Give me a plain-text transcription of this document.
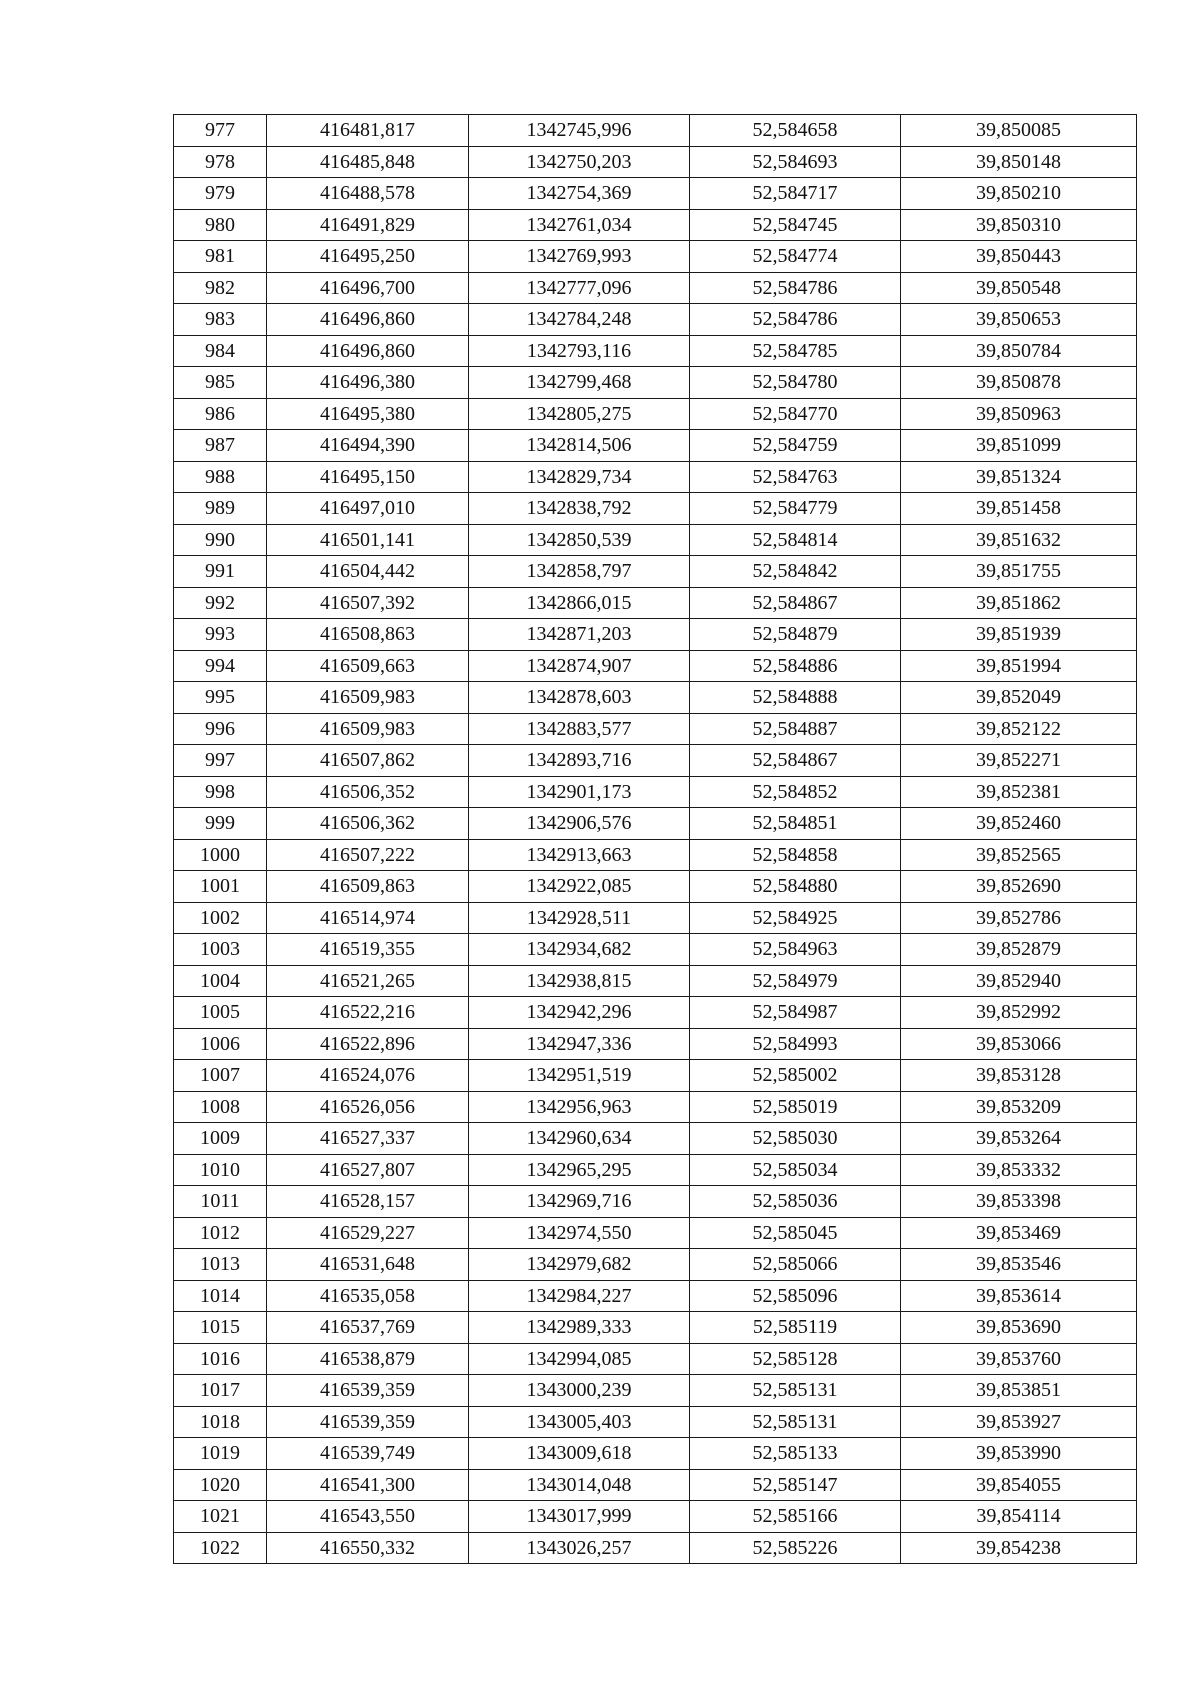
977	416481,817	1342745,996	52,584658	39,850085
978	416485,848	1342750,203	52,584693	39,850148
979	416488,578	1342754,369	52,584717	39,850210
980	416491,829	1342761,034	52,584745	39,850310
981	416495,250	1342769,993	52,584774	39,850443
982	416496,700	1342777,096	52,584786	39,850548
983	416496,860	1342784,248	52,584786	39,850653
984	416496,860	1342793,116	52,584785	39,850784
985	416496,380	1342799,468	52,584780	39,850878
986	416495,380	1342805,275	52,584770	39,850963
987	416494,390	1342814,506	52,584759	39,851099
988	416495,150	1342829,734	52,584763	39,851324
989	416497,010	1342838,792	52,584779	39,851458
990	416501,141	1342850,539	52,584814	39,851632
991	416504,442	1342858,797	52,584842	39,851755
992	416507,392	1342866,015	52,584867	39,851862
993	416508,863	1342871,203	52,584879	39,851939
994	416509,663	1342874,907	52,584886	39,851994
995	416509,983	1342878,603	52,584888	39,852049
996	416509,983	1342883,577	52,584887	39,852122
997	416507,862	1342893,716	52,584867	39,852271
998	416506,352	1342901,173	52,584852	39,852381
999	416506,362	1342906,576	52,584851	39,852460
1000	416507,222	1342913,663	52,584858	39,852565
1001	416509,863	1342922,085	52,584880	39,852690
1002	416514,974	1342928,511	52,584925	39,852786
1003	416519,355	1342934,682	52,584963	39,852879
1004	416521,265	1342938,815	52,584979	39,852940
1005	416522,216	1342942,296	52,584987	39,852992
1006	416522,896	1342947,336	52,584993	39,853066
1007	416524,076	1342951,519	52,585002	39,853128
1008	416526,056	1342956,963	52,585019	39,853209
1009	416527,337	1342960,634	52,585030	39,853264
1010	416527,807	1342965,295	52,585034	39,853332
1011	416528,157	1342969,716	52,585036	39,853398
1012	416529,227	1342974,550	52,585045	39,853469
1013	416531,648	1342979,682	52,585066	39,853546
1014	416535,058	1342984,227	52,585096	39,853614
1015	416537,769	1342989,333	52,585119	39,853690
1016	416538,879	1342994,085	52,585128	39,853760
1017	416539,359	1343000,239	52,585131	39,853851
1018	416539,359	1343005,403	52,585131	39,853927
1019	416539,749	1343009,618	52,585133	39,853990
1020	416541,300	1343014,048	52,585147	39,854055
1021	416543,550	1343017,999	52,585166	39,854114
1022	416550,332	1343026,257	52,585226	39,854238
